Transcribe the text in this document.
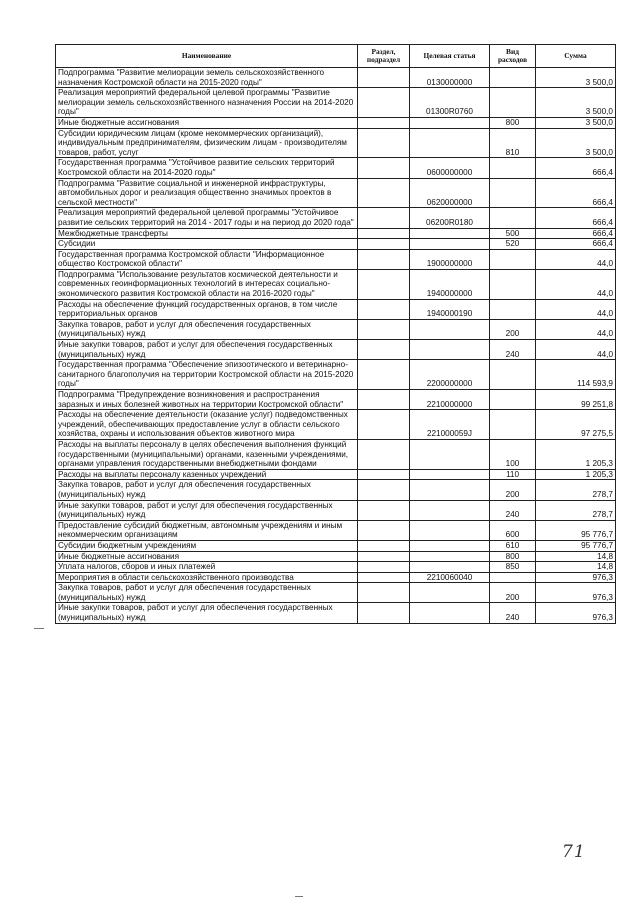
Наименование	Раздел, подраздел	Целевая статья	Вид расходов	Сумма
Подпрограмма "Развитие мелиорации земель сельскохозяйственного назначения Костромской области на 2015-2020 годы"		0130000000		3 500,0
Реализация мероприятий федеральной целевой программы "Развитие мелиорации земель сельскохозяйственного назначения России на 2014-2020 годы"		01300R0760		3 500,0
Иные бюджетные ассигнования			800	3 500,0
Субсидии юридическим лицам (кроме некоммерческих организаций), индивидуальным предпринимателям, физическим лицам - производителям товаров, работ, услуг			810	3 500,0
Государственная программа "Устойчивое развитие сельских территорий Костромской области на 2014-2020 годы"		0600000000		666,4
Подпрограмма "Развитие социальной и инженерной инфраструктуры, автомобильных дорог и реализация общественно значимых проектов в сельской местности"		0620000000		666,4
Реализация мероприятий федеральной целевой программы "Устойчивое развитие сельских территорий на 2014 - 2017 годы и на период до 2020 года"		06200R0180		666,4
Межбюджетные трансферты			500	666,4
Субсидии			520	666,4
Государственная программа Костромской области "Информационное общество Костромской области"		1900000000		44,0
Подпрограмма "Использование результатов космической деятельности и современных геоинформационных технологий в интересах социально-экономического развития Костромской области на 2016-2020 годы"		1940000000		44,0
Расходы на обеспечение функций государственных органов, в том числе территориальных органов		1940000190		44,0
Закупка товаров, работ и услуг для обеспечения государственных (муниципальных) нужд			200	44,0
Иные закупки товаров, работ и услуг для обеспечения государственных (муниципальных) нужд			240	44,0
Государственная программа "Обеспечение эпизоотического и ветеринарно-санитарного благополучия на территории Костромской области на 2015-2020 годы"		2200000000		114 593,9
Подпрограмма "Предупреждение возникновения и распространения заразных и иных болезней животных на территории Костромской области"		2210000000		99 251,8
Расходы на обеспечение деятельности (оказание услуг) подведомственных учреждений, обеспечивающих предоставление услуг в области сельского хозяйства, охраны и использования объектов животного мира		221000059J		97 275,5
Расходы на выплаты персоналу в целях обеспечения выполнения функций государственными (муниципальными) органами, казенными учреждениями, органами управления государственными внебюджетными фондами			100	1 205,3
Расходы на выплаты персоналу казенных учреждений			110	1 205,3
Закупка товаров, работ и услуг для обеспечения государственных (муниципальных) нужд			200	278,7
Иные закупки товаров, работ и услуг для обеспечения государственных (муниципальных) нужд			240	278,7
Предоставление субсидий бюджетным, автономным учреждениям и иным некоммерческим организациям			600	95 776,7
Субсидии бюджетным учреждениям			610	95 776,7
Иные бюджетные ассигнования			800	14,8
Уплата налогов, сборов и иных платежей			850	14,8
Мероприятия в области сельскохозяйственного производства		2210060040		976,3
Закупка товаров, работ и услуг для обеспечения государственных (муниципальных) нужд			200	976,3
Иные закупки товаров, работ и услуг для обеспечения государственных (муниципальных) нужд			240	976,3
71
